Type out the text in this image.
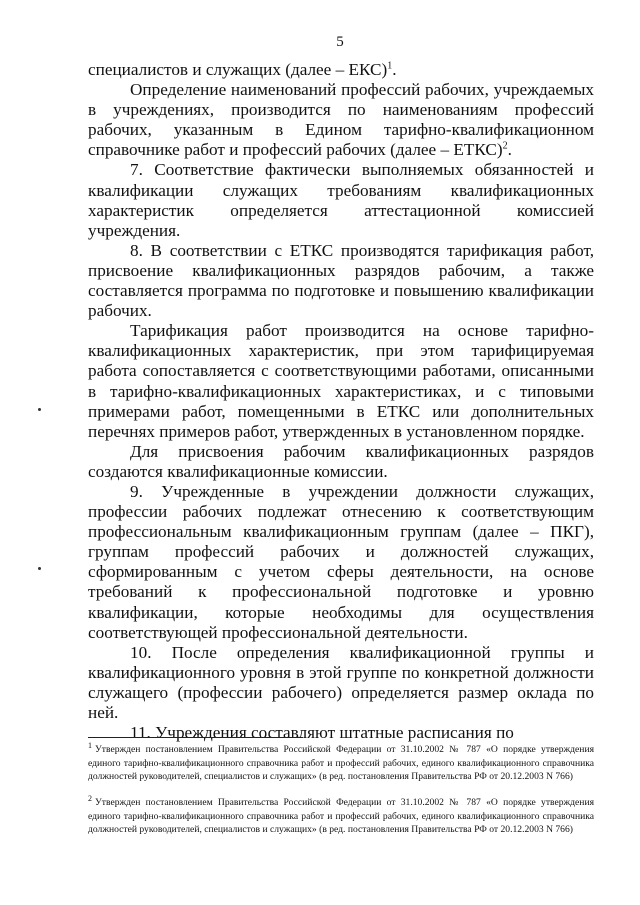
5

специалистов и служащих (далее – ЕКС)$^1$.

Определение наименований профессий рабочих, учреждаемых в учреждениях, производится по наименованиям профессий рабочих, указанным в Едином тарифно-квалификационном справочнике работ и профессий рабочих (далее – ЕТКС)$^2$.

7. Соответствие фактически выполняемых обязанностей и квалификации служащих требованиям квалификационных характеристик определяется аттестационной комиссией учреждения.

8. В соответствии с ЕТКС производятся тарификация работ, присвоение квалификационных разрядов рабочим, а также составляется программа по подготовке и повышению квалификации рабочих.

Тарификация работ производится на основе тарифно-квалификационных характеристик, при этом тарифицируемая работа сопоставляется с соответствующими работами, описанными в тарифно-квалификационных характеристиках, и с типовыми примерами работ, помещенными в ЕТКС или дополнительных перечнях примеров работ, утвержденных в установленном порядке.

Для присвоения рабочим квалификационных разрядов создаются квалификационные комиссии.

9. Учрежденные в учреждении должности служащих, профессии рабочих подлежат отнесению к соответствующим профессиональным квалификационным группам (далее – ПКГ), группам профессий рабочих и должностей служащих, сформированным с учетом сферы деятельности, на основе требований к профессиональной подготовке и уровню квалификации, которые необходимы для осуществления соответствующей профессиональной деятельности.

10. После определения квалификационной группы и квалификационного уровня в этой группе по конкретной должности служащего (профессии рабочего) определяется размер оклада по ней.

11. Учреждения составляют штатные расписания по

$^1$ Утвержден постановлением Правительства Российской Федерации от 31.10.2002 № 787 «О порядке утверждения единого тарифно-квалификационного справочника работ и профессий рабочих, единого квалификационного справочника должностей руководителей, специалистов и служащих» (в ред. постановления Правительства РФ от 20.12.2003 N 766)
$^2$ Утвержден постановлением Правительства Российской Федерации от 31.10.2002 № 787 «О порядке утверждения единого тарифно-квалификационного справочника работ и профессий рабочих, единого квалификационного справочника должностей руководителей, специалистов и служащих» (в ред. постановления Правительства РФ от 20.12.2003 N 766)
